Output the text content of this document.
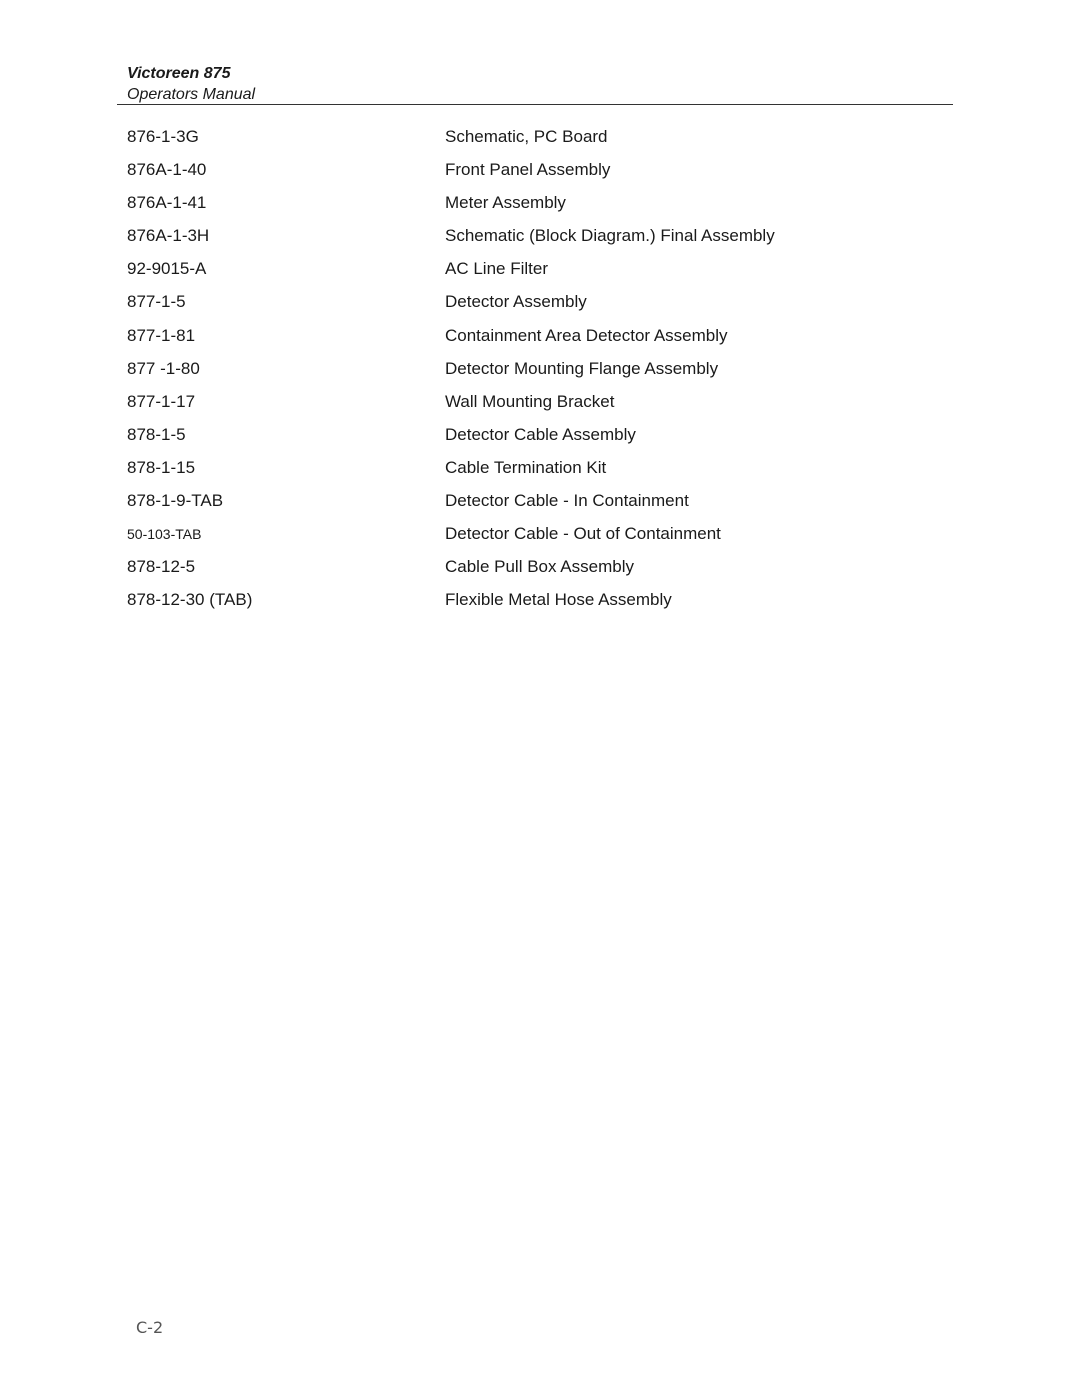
Victoreen 875
Operators Manual
876-1-3G	Schematic, PC Board
876A-1-40	Front Panel Assembly
876A-1-41	Meter Assembly
876A-1-3H	Schematic (Block Diagram.) Final Assembly
92-9015-A	AC Line Filter
877-1-5	Detector Assembly
877-1-81	Containment Area Detector Assembly
877 -1-80	Detector Mounting Flange Assembly
877-1-17	Wall Mounting Bracket
878-1-5	Detector Cable Assembly
878-1-15	Cable Termination Kit
878-1-9-TAB	Detector Cable - In Containment
50-103-TAB	Detector Cable - Out of Containment
878-12-5	Cable Pull Box Assembly
878-12-30 (TAB)	Flexible Metal Hose Assembly
C-2
